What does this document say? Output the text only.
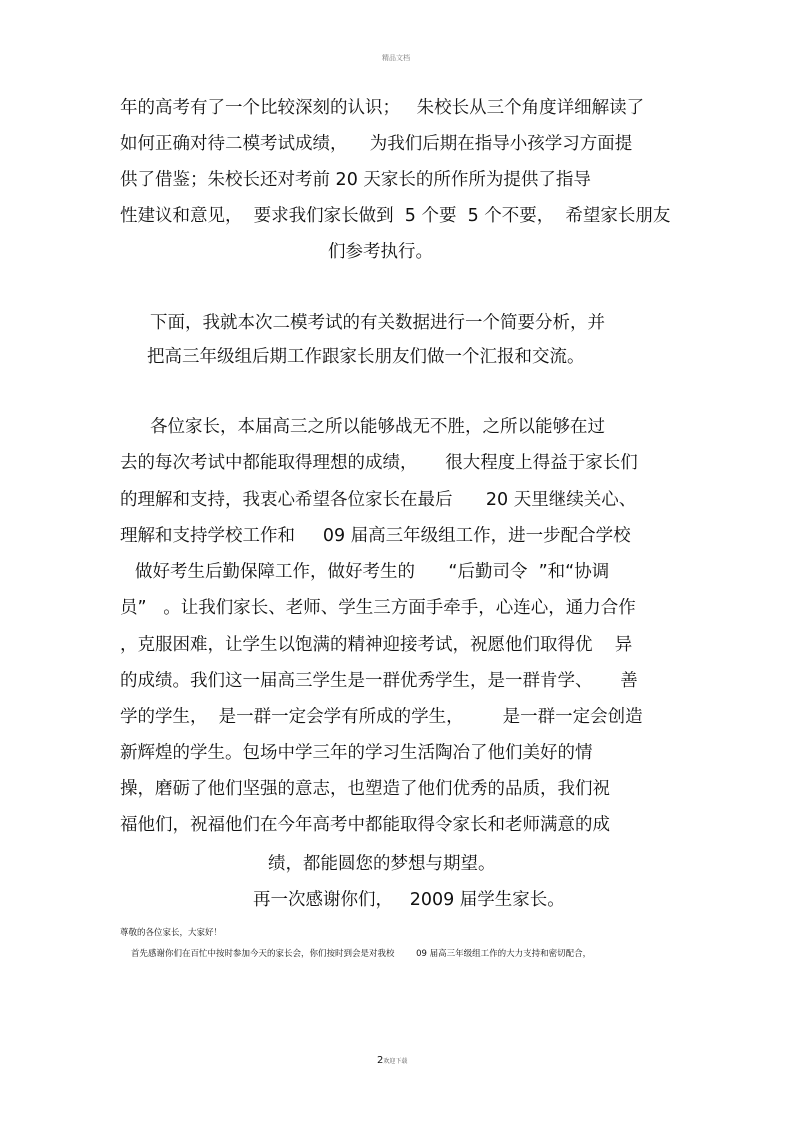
精品文档
年的高考有了一个比较深刻的认识；   朱校长从三个角度详细解读了
如何正确对待二模考试成绩，    为我们后期在指导小孩学习方面提
供了借鉴；朱校长还对考前 20 天家长的所作所为提供了指导
性建议和意见，  要求我们家长做到  5 个要  5 个不要，  希望家长朋友
们参考执行。
下面，我就本次二模考试的有关数据进行一个简要分析，并
把高三年级组后期工作跟家长朋友们做一个汇报和交流。
各位家长，本届高三之所以能够战无不胜，之所以能够在过
去的每次考试中都能取得理想的成绩，     很大程度上得益于家长们
的理解和支持，我衷心希望各位家长在最后      20 天里继续关心、
理解和支持学校工作和     09 届高三年级组工作，进一步配合学校
做好考生后勤保障工作，做好考生的      “后勤司令  ”和“协调
员”   。让我们家长、老师、学生三方面手牵手，心连心，通力合作
，克服困难，让学生以饱满的精神迎接考试，祝愿他们取得优    异
的成绩。我们这一届高三学生是一群优秀学生，是一群肯学、     善
学的学生，  是一群一定会学有所成的学生，       是一群一定会创造
新辉煌的学生。包场中学三年的学习生活陶冶了他们美好的情
操，磨砺了他们坚强的意志，也塑造了他们优秀的品质，我们祝
福他们，祝福他们在今年高考中都能取得令家长和老师满意的成
绩，都能圆您的梦想与期望。
再一次感谢你们，   2009 届学生家长。
尊敬的各位家长，大家好！
首先感谢你们在百忙中按时参加今天的家长会，你们按时到会是对我校        09 届高三年级组工作的大力支持和密切配合，
2欢迎下载
